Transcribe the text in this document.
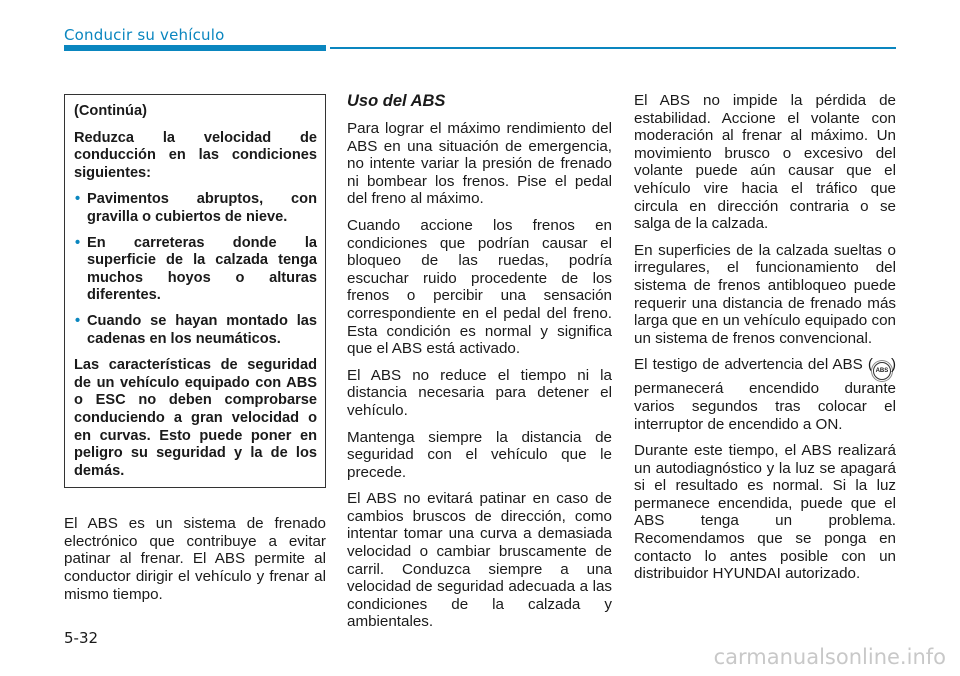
Conducir su vehículo

(Continúa)

Reduzca la velocidad de conducción en las condiciones siguientes:

• Pavimentos abruptos, con gravilla o cubiertos de nieve.
• En carreteras donde la superficie de la calzada tenga muchos hoyos o alturas diferentes.
• Cuando se hayan montado las cadenas en los neumáticos.

Las características de seguridad de un vehículo equipado con ABS o ESC no deben comprobarse conduciendo a gran velocidad o en curvas. Esto puede poner en peligro su seguridad y la de los demás.

El ABS es un sistema de frenado electrónico que contribuye a evitar patinar al frenar. El ABS permite al conductor dirigir el vehículo y frenar al mismo tiempo.

Uso del ABS

Para lograr el máximo rendimiento del ABS en una situación de emergencia, no intente variar la presión de frenado ni bombear los frenos. Pise el pedal del freno al máximo.

Cuando accione los frenos en condiciones que podrían causar el bloqueo de las ruedas, podría escuchar ruido procedente de los frenos o percibir una sensación correspondiente en el pedal del freno. Esta condición es normal y significa que el ABS está activado.

El ABS no reduce el tiempo ni la distancia necesaria para detener el vehículo.

Mantenga siempre la distancia de seguridad con el vehículo que le precede.

El ABS no evitará patinar en caso de cambios bruscos de dirección, como intentar tomar una curva a demasiada velocidad o cambiar bruscamente de carril. Conduzca siempre a una velocidad de seguridad adecuada a las condiciones de la calzada y ambientales.

El ABS no impide la pérdida de estabilidad. Accione el volante con moderación al frenar al máximo. Un movimiento brusco o excesivo del volante puede aún causar que el vehículo vire hacia el tráfico que circula en dirección contraria o se salga de la calzada.

En superficies de la calzada sueltas o irregulares, el funcionamiento del sistema de frenos antibloqueo puede requerir una distancia de frenado más larga que en un vehículo equipado con un sistema de frenos convencional.

El testigo de advertencia del ABS ( ABS ) permanecerá encendido durante varios segundos tras colocar el interruptor de encendido a ON.

Durante este tiempo, el ABS realizará un autodiagnóstico y la luz se apagará si el resultado es normal. Si la luz permanece encendida, puede que el ABS tenga un problema. Recomendamos que se ponga en contacto lo antes posible con un distribuidor HYUNDAI autorizado.

5-32
carmanualsonline.info
